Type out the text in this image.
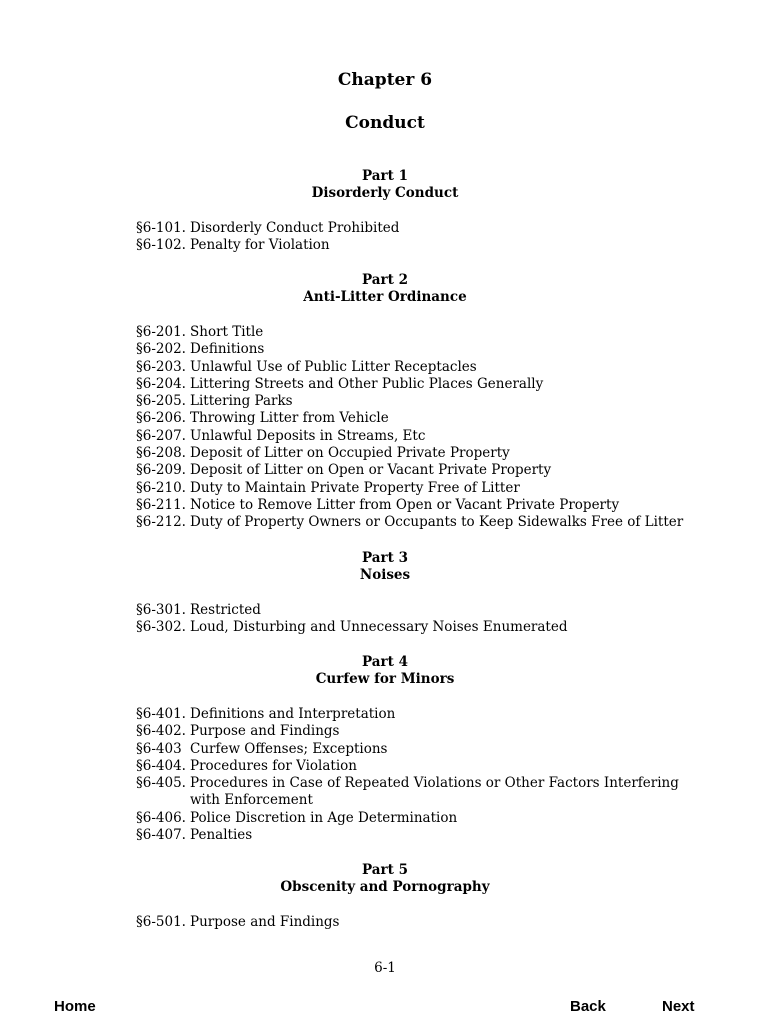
Chapter 6
Conduct
Part 1
Disorderly Conduct
§6-101. Disorderly Conduct Prohibited
§6-102. Penalty for Violation
Part 2
Anti-Litter Ordinance
§6-201. Short Title
§6-202. Definitions
§6-203. Unlawful Use of Public Litter Receptacles
§6-204. Littering Streets and Other Public Places Generally
§6-205. Littering Parks
§6-206. Throwing Litter from Vehicle
§6-207. Unlawful Deposits in Streams, Etc
§6-208. Deposit of Litter on Occupied Private Property
§6-209. Deposit of Litter on Open or Vacant Private Property
§6-210. Duty to Maintain Private Property Free of Litter
§6-211. Notice to Remove Litter from Open or Vacant Private Property
§6-212. Duty of Property Owners or Occupants to Keep Sidewalks Free of Litter
Part 3
Noises
§6-301. Restricted
§6-302. Loud, Disturbing and Unnecessary Noises Enumerated
Part 4
Curfew for Minors
§6-401. Definitions and Interpretation
§6-402. Purpose and Findings
§6-403 Curfew Offenses; Exceptions
§6-404. Procedures for Violation
§6-405. Procedures in Case of Repeated Violations or Other Factors Interfering with Enforcement
§6-406. Police Discretion in Age Determination
§6-407. Penalties
Part 5
Obscenity and Pornography
§6-501. Purpose and Findings
6-1
Home	Back	Next
